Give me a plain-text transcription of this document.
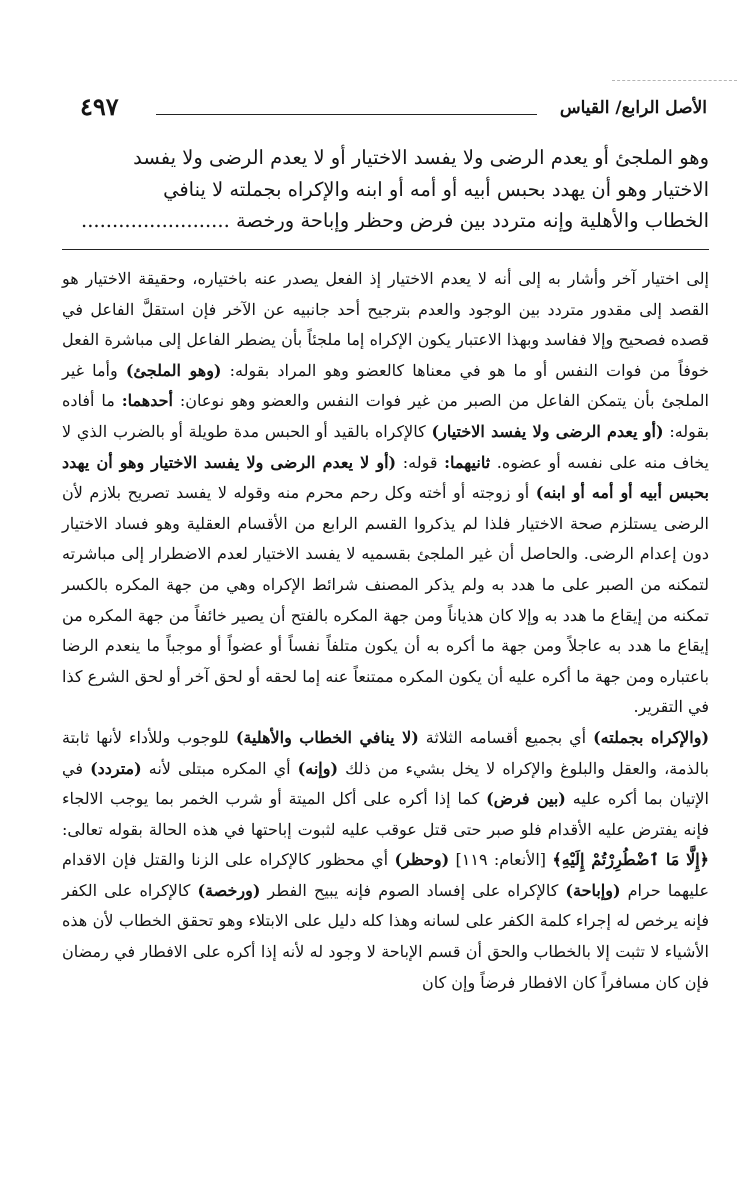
الأصل الرابع/ القياس
٤٩٧

وهو الملجئ أو يعدم الرضى ولا يفسد الاختيار أو لا يعدم الرضى ولا يفسد

الاختيار وهو أن يهدد بحبس أبيه أو أمه أو ابنه والإكراه بجملته لا ينافي

الخطاب والأهلية وإنه متردد بين فرض وحظر وإباحة ورخصة ........................

إلى اختيار آخر وأشار به إلى أنه لا يعدم الاختيار إذ الفعل يصدر عنه باختياره، وحقيقة الاختيار هو القصد إلى مقدور متردد بين الوجود والعدم بترجيح أحد جانبيه عن الآخر فإن استقلَّ الفاعل في قصده فصحيح وإلا ففاسد وبهذا الاعتبار يكون الإكراه إما ملجئاً بأن يضطر الفاعل إلى مباشرة الفعل خوفاً من فوات النفس أو ما هو في معناها كالعضو وهو المراد بقوله: (وهو الملجئ) وأما غير الملجئ بأن يتمكن الفاعل من الصبر من غير فوات النفس والعضو وهو نوعان: أحدهما: ما أفاده بقوله: (أو يعدم الرضى ولا يفسد الاختيار) كالإكراه بالقيد أو الحبس مدة طويلة أو بالضرب الذي لا يخاف منه على نفسه أو عضوه. ثانيهما: قوله: (أو لا يعدم الرضى ولا يفسد الاختيار وهو أن يهدد بحبس أبيه أو أمه أو ابنه) أو زوجته أو أخته وكل رحم محرم منه وقوله لا يفسد تصريح بلازم لأن الرضى يستلزم صحة الاختيار فلذا لم يذكروا القسم الرابع من الأقسام العقلية وهو فساد الاختيار دون إعدام الرضى. والحاصل أن غير الملجئ بقسميه لا يفسد الاختيار لعدم الاضطرار إلى مباشرته لتمكنه من الصبر على ما هدد به ولم يذكر المصنف شرائط الإكراه وهي من جهة المكره بالكسر تمكنه من إيقاع ما هدد به وإلا كان هذياناً ومن جهة المكره بالفتح أن يصير خائفاً من جهة المكره من إيقاع ما هدد به عاجلاً ومن جهة ما أكره به أن يكون متلفاً نفساً أو عضواً أو موجباً ما ينعدم الرضا باعتباره ومن جهة ما أكره عليه أن يكون المكره ممتنعاً عنه إما لحقه أو لحق آخر أو لحق الشرع كذا في التقرير.

(والإكراه بجملته) أي بجميع أقسامه الثلاثة (لا ينافي الخطاب والأهلية) للوجوب وللأداء لأنها ثابتة بالذمة، والعقل والبلوغ والإكراه لا يخل بشيء من ذلك (وإنه) أي المكره مبتلى لأنه (متردد) في الإتيان بما أكره عليه (بين فرض) كما إذا أكره على أكل الميتة أو شرب الخمر بما يوجب الالجاء فإنه يفترض عليه الأقدام فلو صبر حتى قتل عوقب عليه لثبوت إباحتها في هذه الحالة بقوله تعالى: ﴿إِلَّا مَا ٱضْطُرِرْتُمْ إِلَيْهِ﴾ [الأنعام: ١١٩] (وحظر) أي محظور كالإكراه على الزنا والقتل فإن الاقدام عليهما حرام (وإباحة) كالإكراه على إفساد الصوم فإنه يبيح الفطر (ورخصة) كالإكراه على الكفر فإنه يرخص له إجراء كلمة الكفر على لسانه وهذا كله دليل على الابتلاء وهو تحقق الخطاب لأن هذه الأشياء لا تثبت إلا بالخطاب والحق أن قسم الإباحة لا وجود له لأنه إذا أكره على الافطار في رمضان فإن كان مسافراً كان الافطار فرضاً وإن كان
